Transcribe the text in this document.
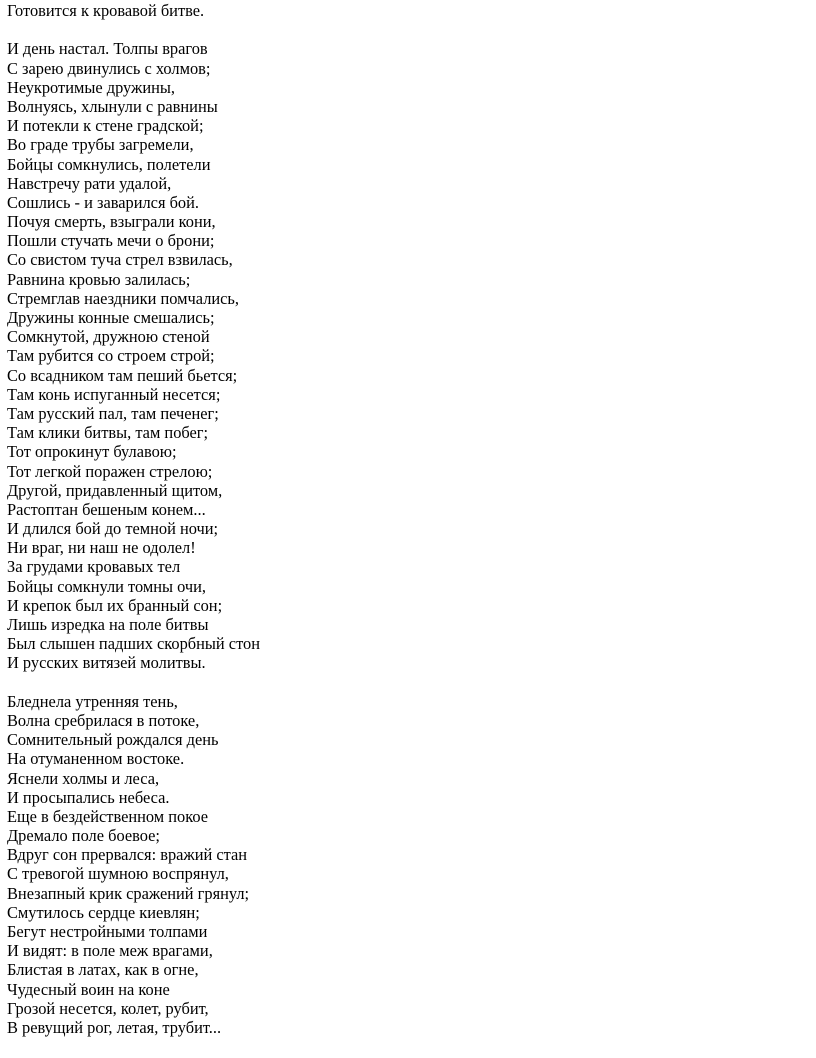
Готовится к кровавой битве.
И день настал. Толпы врагов
С зарею двинулись с холмов;
Неукротимые дружины,
Волнуясь, хлынули с равнины
И потекли к стене градской;
Во граде трубы загремели,
Бойцы сомкнулись, полетели
Навстречу рати удалой,
Сошлись - и заварился бой.
Почуя смерть, взыграли кони,
Пошли стучать мечи о брони;
Со свистом туча стрел взвилась,
Равнина кровью залилась;
Стремглав наездники помчались,
Дружины конные смешались;
Сомкнутой, дружною стеной
Там рубится со строем строй;
Со всадником там пеший бьется;
Там конь испуганный несется;
Там русский пал, там печенег;
Там клики битвы, там побег;
Тот опрокинут булавою;
Тот легкой поражен стрелою;
Другой, придавленный щитом,
Растоптан бешеным конем...
И длился бой до темной ночи;
Ни враг, ни наш не одолел!
За грудами кровавых тел
Бойцы сомкнули томны очи,
И крепок был их бранный сон;
Лишь изредка на поле битвы
Был слышен падших скорбный стон
И русских витязей молитвы.
Бледнела утренняя тень,
Волна сребрилася в потоке,
Сомнительный рождался день
На отуманенном востоке.
Яснели холмы и леса,
И просыпались небеса.
Еще в бездейственном покое
Дремало поле боевое;
Вдруг сон прервался: вражий стан
С тревогой шумною воспрянул,
Внезапный крик сражений грянул;
Смутилось сердце киевлян;
Бегут нестройными толпами
И видят: в поле меж врагами,
Блистая в латах, как в огне,
Чудесный воин на коне
Грозой несется, колет, рубит,
В ревущий рог, летая, трубит...
